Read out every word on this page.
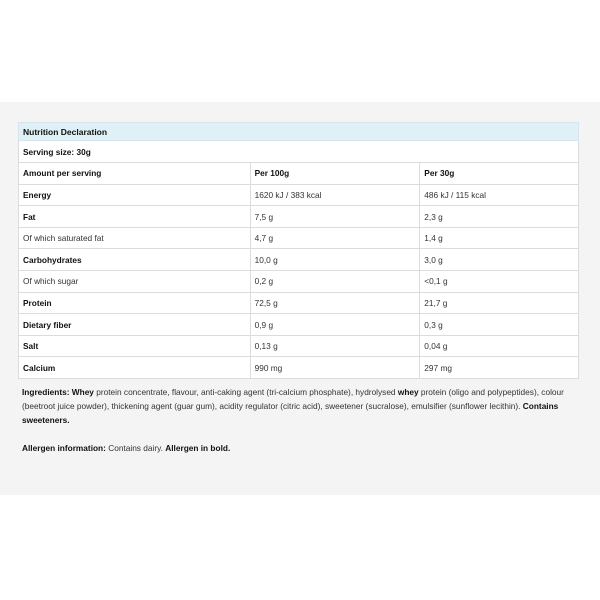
Nutrition Declaration
Serving size: 30g		
Amount per serving	Per 100g	Per 30g
Energy	1620 kJ / 383 kcal	486 kJ / 115 kcal
Fat	7,5 g	2,3 g
Of which saturated fat	4,7 g	1,4 g
Carbohydrates	10,0 g	3,0 g
Of which sugar	0,2 g	<0,1 g
Protein	72,5 g	21,7 g
Dietary fiber	0,9 g	0,3 g
Salt	0,13 g	0,04 g
Calcium	990 mg	297 mg
Ingredients: Whey protein concentrate, flavour, anti-caking agent (tri-calcium phosphate), hydrolysed whey protein (oligo and polypeptides), colour (beetroot juice powder), thickening agent (guar gum), acidity regulator (citric acid), sweetener (sucralose), emulsifier (sunflower lecithin). Contains sweeteners.
Allergen information: Contains dairy. Allergen in bold.
